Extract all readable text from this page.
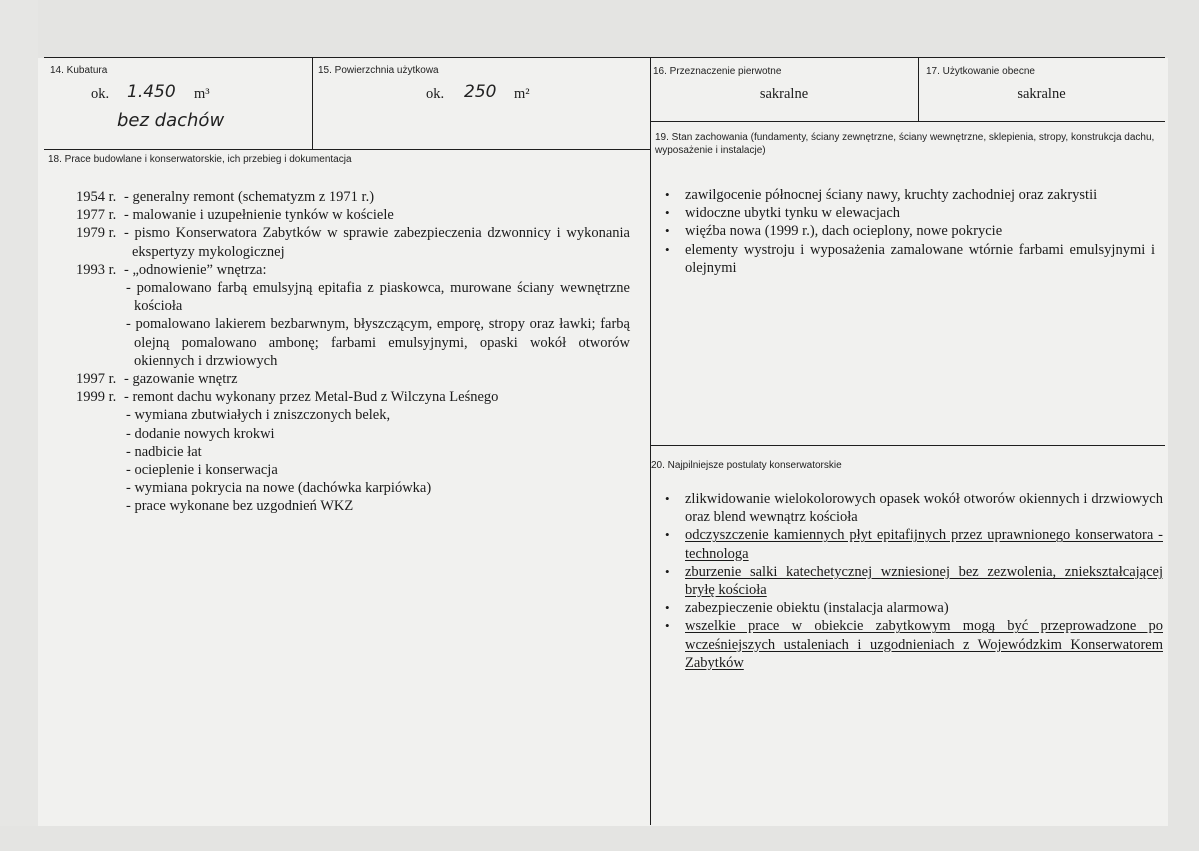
14. Kubatura
ok. 1.450 m³
bez dachów
15. Powierzchnia użytkowa
ok. 250 m²
16. Przeznaczenie pierwotne
sakralne
17. Użytkowanie obecne
sakralne
19. Stan zachowania (fundamenty, ściany zewnętrzne, ściany wewnętrzne, sklepienia, stropy, konstrukcja dachu, wyposażenie i instalacje)
•	zawilgocenie północnej ściany nawy, kruchty zachodniej oraz zakrystii
•	widoczne ubytki tynku w elewacjach
•	więźba nowa (1999 r.), dach ocieplony, nowe pokrycie
•	elementy wystroju i wyposażenia zamalowane wtórnie farbami emulsyjnymi i olejnymi
20. Najpilniejsze postulaty konserwatorskie
•	zlikwidowanie wielokolorowych opasek wokół otworów okiennych i drzwiowych oraz blend wewnątrz kościoła
•	odczyszczenie kamiennych płyt epitafijnych przez uprawnionego konserwatora - technologa
•	zburzenie salki katechetycznej wzniesionej bez zezwolenia, zniekształcającej bryłę kościoła
•	zabezpieczenie obiektu (instalacja alarmowa)
•	wszelkie prace w obiekcie zabytkowym mogą być przeprowadzone po wcześniejszych ustaleniach i uzgodnieniach z Wojewódzkim Konserwatorem Zabytków
18. Prace budowlane i konserwatorskie, ich przebieg i dokumentacja
1954 r. - generalny remont (schematyzm z 1971 r.)
1977 r. - malowanie i uzupełnienie tynków w kościele
1979 r. - pismo Konserwatora Zabytków w sprawie zabezpieczenia dzwonnicy i wykonania ekspertyzy mykologicznej
1993 r. - „odnowienie” wnętrza:
- pomalowano farbą emulsyjną epitafia z piaskowca, murowane ściany wewnętrzne kościoła
- pomalowano lakierem bezbarwnym, błyszczącym, emporę, stropy oraz ławki; farbą olejną pomalowano ambonę; farbami emulsyjnymi, opaski wokół otworów okiennych i drzwiowych
1997 r. - gazowanie wnętrz
1999 r. - remont dachu wykonany przez Metal-Bud z Wilczyna Leśnego
- wymiana zbutwiałych i zniszczonych belek,
- dodanie nowych krokwi
- nadbicie łat
- ocieplenie i konserwacja
- wymiana pokrycia na nowe (dachówka karpiówka)
- prace wykonane bez uzgodnień WKZ
